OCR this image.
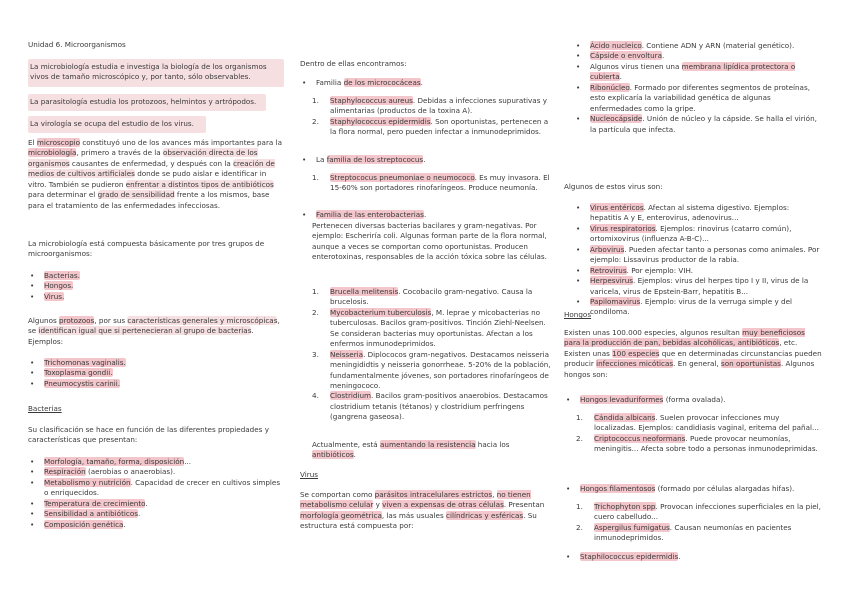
Unidad 6. Microorganismos

La microbiología estudia e investiga la biología de los organismos vivos de tamaño microscópico y, por tanto, sólo observables.

La parasitología estudia los protozoos, helmintos y artrópodos.

La virología se ocupa del estudio de los virus.

El microscopio constituyó uno de los avances más importantes para la microbiología, primero a través de la observación directa de los organismos causantes de enfermedad, y después con la creación de medios de cultivos artificiales donde se pudo aislar e identificar in vitro. También se pudieron enfrentar a distintos tipos de antibióticos para determinar el grado de sensibilidad frente a los mismos, base para el tratamiento de las enfermedades infecciosas.

La microbiología está compuesta básicamente por tres grupos de microorganismos:

• Bacterias.
• Hongos.
• Virus.

Algunos protozoos, por sus características generales y microscópicas, se identifican igual que si pertenecieran al grupo de bacterias. Ejemplos:

• Trichomonas vaginalis.
• Toxoplasma gondii.
• Pneumocystis carinii.

Bacterias

Su clasificación se hace en función de las diferentes propiedades y características que presentan:

• Morfología, tamaño, forma, disposición...
• Respiración (aerobias o anaerobias).
• Metabolismo y nutrición. Capacidad de crecer en cultivos simples o enriquecidos.
• Temperatura de crecimiento.
• Sensibilidad a antibióticos.
• Composición genética.

Dentro de ellas encontramos:

• Familia de los micrococáceas.
1. Staphylococcus aureus. Debidas a infecciones supurativas y alimentarias (productos de la toxina A).
2. Staphylococcus epidermidis. Son oportunistas, pertenecen a la flora normal, pero pueden infectar a inmunodeprimidos.
• La familia de los streptococus.
1. Streptococus pneumoniae o neumococo. Es muy invasora. El 15-60% son portadores rinofaríngeos. Produce neumonía.
• Familia de las enterobacterias.

Pertenecen diversas bacterias bacilares y gram-negativas. Por ejemplo: Escheriría coli. Algunas forman parte de la flora normal, aunque a veces se comportan como oportunistas. Producen enterotoxinas, responsables de la acción tóxica sobre las células.

1. Brucella melitensis. Cocobacilo gram-negativo. Causa la brucelosis.
2. Mycobacterium tuberculosis, M. leprae y micobacterias no tuberculosas. Bacilos gram-positivos. Tinción Ziehl-Neelsen. Se consideran bacterias muy oportunistas. Afectan a los enfermos inmunodeprimidos.
3. Neisseria. Diplococos gram-negativos. Destacamos neisseria meningididtis y neisseria gonorrheae. 5-20% de la población, fundamentalmente jóvenes, son portadores rinofaríngeos de meningococo.
4. Clostridium. Bacilos gram-positivos anaerobios. Destacamos clostridium tetanis (tétanos) y clostridium perfringens (gangrena gaseosa).

Actualmente, está aumentando la resistencia hacia los antibióticos.

Virus

Se comportan como parásitos intracelulares estrictos, no tienen metabolismo celular y viven a expensas de otras células. Presentan morfología geométrica, las más usuales cilíndricas y esféricas. Su estructura está compuesta por:

• Ácido nucleico. Contiene ADN y ARN (material genético).
• Cápside o envoltura.
• Algunos virus tienen una membrana lipídica protectora o cubierta.
• Ribonúcleo. Formado por diferentes segmentos de proteínas, esto explicaría la variabilidad genética de algunas enfermedades como la gripe.
• Nucleocápside. Unión de núcleo y la cápside. Se halla el virión, la partícula que infecta.

Algunos de estos virus son:

• Virus entéricos. Afectan al sistema digestivo. Ejemplos: hepatitis A y E, enterovirus, adenovirus...
• Virus respiratorios. Ejemplos: rinovirus (catarro común), ortomixovirus (influenza A-B-C)...
• Arbovirus. Pueden afectar tanto a personas como animales. Por ejemplo: Lissavirus productor de la rabia.
• Retrovirus. Por ejemplo: VIH.
• Herpesvirus. Ejemplos: virus del herpes tipo I y II, virus de la varicela, virus de Epstein-Barr, hepatitis B...
• Papilomavirus. Ejemplo: virus de la verruga simple y del condiloma.

Hongos

Existen unas 100.000 especies, algunos resultan muy beneficiosos para la producción de pan, bebidas alcohólicas, antibióticos, etc. Existen unas 100 especies que en determinadas circunstancias pueden producir infecciones micóticas. En general, son oportunistas. Algunos hongos son:

• Hongos levaduriformes (forma ovalada).
1. Cándida albicans. Suelen provocar infecciones muy localizadas. Ejemplos: candidiasis vaginal, eritema del pañal...
2. Criptococcus neoformans. Puede provocar neumonías, meningitis... Afecta sobre todo a personas inmunodeprimidas.
• Hongos filamentosos (formado por células alargadas hifas).
1. Trichophyton spp. Provocan infecciones superficiales en la piel, cuero cabelludo...
2. Aspergilus fumigatus. Causan neumonías en pacientes inmunodeprimidos.
• Staphilococcus epidermidis.
